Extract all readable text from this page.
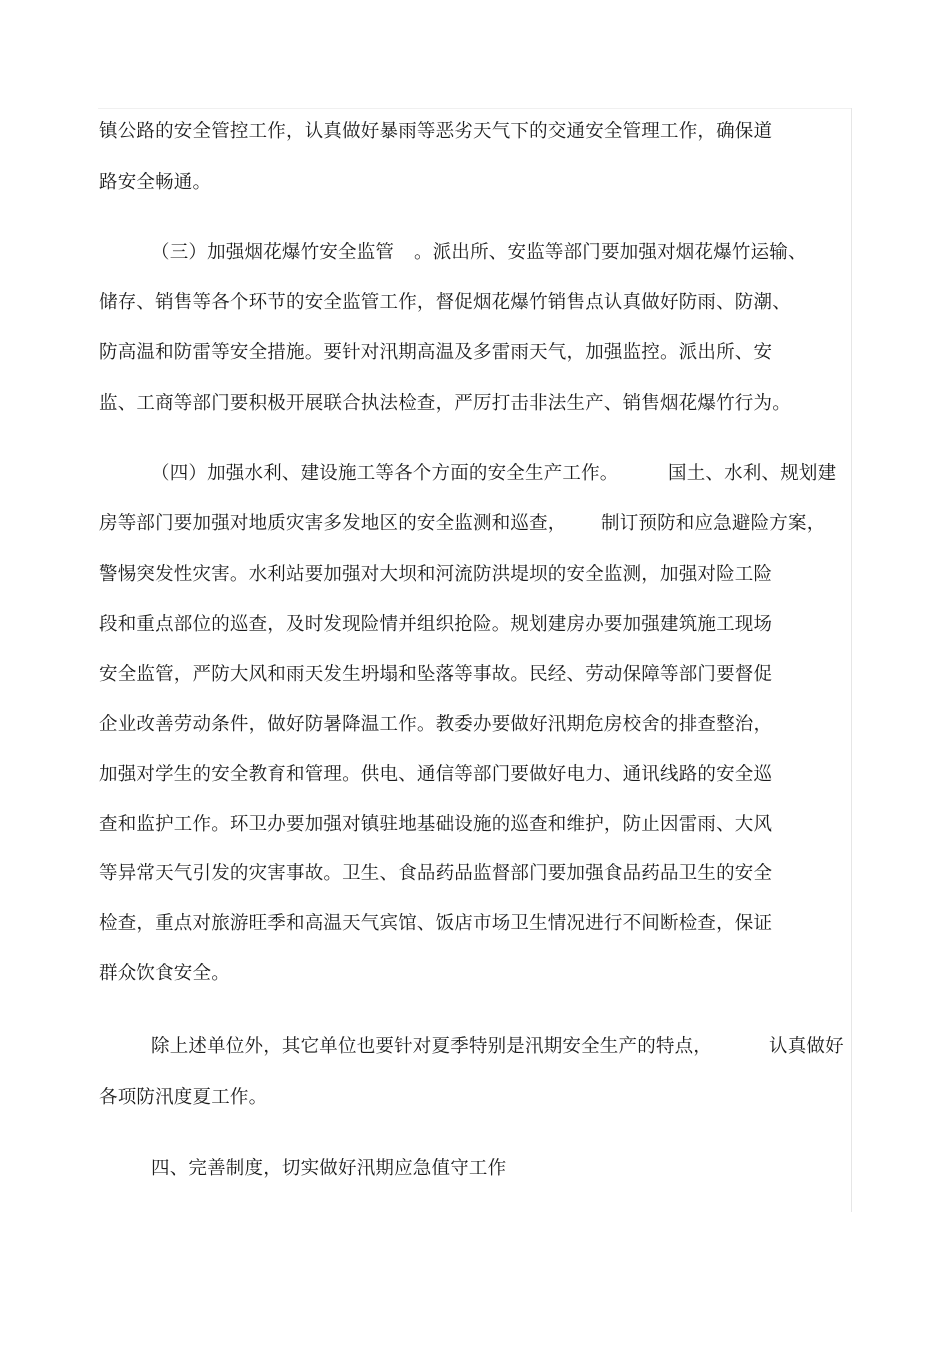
镇公路的安全管控工作，认真做好暴雨等恶劣天气下的交通安全管理工作，确保道
路安全畅通。
（三）加强烟花爆竹安全监管 。派出所、安监等部门要加强对烟花爆竹运输、
储存、销售等各个环节的安全监管工作，督促烟花爆竹销售点认真做好防雨、防潮、
防高温和防雷等安全措施。要针对汛期高温及多雷雨天气，加强监控。派出所、安
监、工商等部门要积极开展联合执法检查，严厉打击非法生产、销售烟花爆竹行为。
（四）加强水利、建设施工等各个方面的安全生产工作。	国土、水利、规划建
房等部门要加强对地质灾害多发地区的安全监测和巡查， 制订预防和应急避险方案，
警惕突发性灾害。水利站要加强对大坝和河流防洪堤坝的安全监测，加强对险工险
段和重点部位的巡查，及时发现险情并组织抢险。规划建房办要加强建筑施工现场
安全监管，严防大风和雨天发生坍塌和坠落等事故。民经、劳动保障等部门要督促
企业改善劳动条件，做好防暑降温工作。教委办要做好汛期危房校舍的排查整治，
加强对学生的安全教育和管理。供电、通信等部门要做好电力、通讯线路的安全巡
查和监护工作。环卫办要加强对镇驻地基础设施的巡查和维护，防止因雷雨、大风
等异常天气引发的灾害事故。卫生、食品药品监督部门要加强食品药品卫生的安全
检查，重点对旅游旺季和高温天气宾馆、饭店市场卫生情况进行不间断检查，保证
群众饮食安全。
除上述单位外，其它单位也要针对夏季特别是汛期安全生产的特点，	认真做好
各项防汛度夏工作。
四、完善制度，切实做好汛期应急值守工作
